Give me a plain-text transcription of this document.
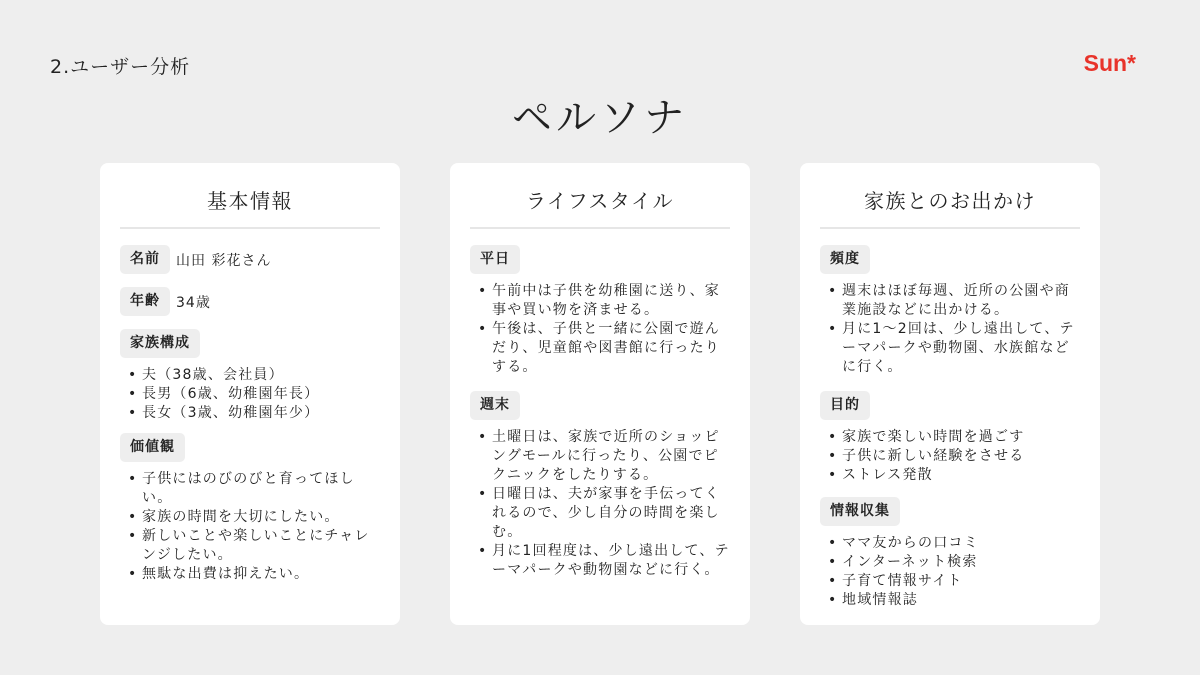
2.ユーザー分析	Sun*
ペルソナ
基本情報
名前	山田 彩花さん
年齢	34歳
家族構成
• 夫（38歳、会社員）
• 長男（6歳、幼稚園年長）
• 長女（3歳、幼稚園年少）
価値観
• 子供にはのびのびと育ってほしい。
• 家族の時間を大切にしたい。
• 新しいことや楽しいことにチャレンジしたい。
• 無駄な出費は抑えたい。
ライフスタイル
平日
• 午前中は子供を幼稚園に送り、家事や買い物を済ませる。
• 午後は、子供と一緒に公園で遊んだり、児童館や図書館に行ったりする。
週末
• 土曜日は、家族で近所のショッピングモールに行ったり、公園でピクニックをしたりする。
• 日曜日は、夫が家事を手伝ってくれるので、少し自分の時間を楽しむ。
• 月に1回程度は、少し遠出して、テーマパークや動物園などに行く。
家族とのお出かけ
頻度
• 週末はほぼ毎週、近所の公園や商業施設などに出かける。
• 月に1〜2回は、少し遠出して、テーマパークや動物園、水族館などに行く。
目的
• 家族で楽しい時間を過ごす
• 子供に新しい経験をさせる
• ストレス発散
情報収集
• ママ友からの口コミ
• インターネット検索
• 子育て情報サイト
• 地域情報誌
